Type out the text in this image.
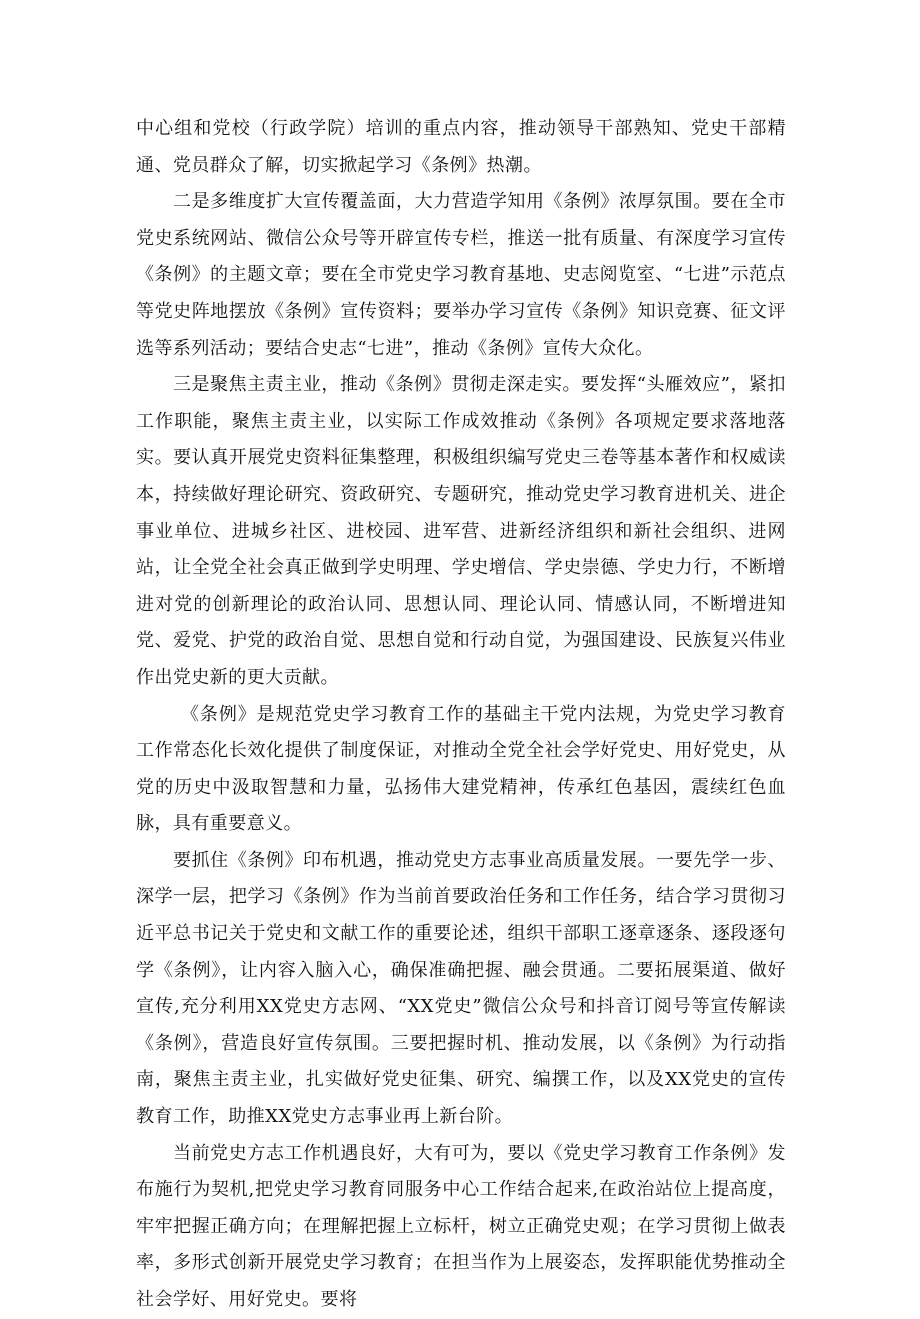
中心组和党校（行政学院）培训的重点内容，推动领导干部熟知、党史干部精通、党员群众了解，切实掀起学习《条例》热潮。

二是多维度扩大宣传覆盖面，大力营造学知用《条例》浓厚氛围。要在全市党史系统网站、微信公众号等开辟宣传专栏，推送一批有质量、有深度学习宣传《条例》的主题文章；要在全市党史学习教育基地、史志阅览室、“七进”示范点等党史阵地摆放《条例》宣传资料；要举办学习宣传《条例》知识竞赛、征文评选等系列活动；要结合史志“七进”，推动《条例》宣传大众化。

三是聚焦主责主业，推动《条例》贯彻走深走实。要发挥“头雁效应”，紧扣工作职能，聚焦主责主业，以实际工作成效推动《条例》各项规定要求落地落实。要认真开展党史资料征集整理，积极组织编写党史三卷等基本著作和权威读本，持续做好理论研究、资政研究、专题研究，推动党史学习教育进机关、进企事业单位、进城乡社区、进校园、进军营、进新经济组织和新社会组织、进网站，让全党全社会真正做到学史明理、学史增信、学史崇德、学史力行，不断增进对党的创新理论的政治认同、思想认同、理论认同、情感认同，不断增进知党、爱党、护党的政治自觉、思想自觉和行动自觉，为强国建设、民族复兴伟业作出党史新的更大贡献。

《条例》是规范党史学习教育工作的基础主干党内法规，为党史学习教育工作常态化长效化提供了制度保证，对推动全党全社会学好党史、用好党史，从党的历史中汲取智慧和力量，弘扬伟大建党精神，传承红色基因，震续红色血脉，具有重要意义。

要抓住《条例》印布机遇，推动党史方志事业高质量发展。一要先学一步、深学一层，把学习《条例》作为当前首要政治任务和工作任务，结合学习贯彻习近平总书记关于党史和文献工作的重要论述，组织干部职工逐章逐条、逐段逐句学《条例》，让内容入脑入心，确保准确把握、融会贯通。二要拓展渠道、做好宣传,充分利用XX党史方志网、“XX党史”微信公众号和抖音订阅号等宣传解读《条例》，营造良好宣传氛围。三要把握时机、推动发展，以《条例》为行动指南，聚焦主责主业，扎实做好党史征集、研究、编撰工作，以及XX党史的宣传教育工作，助推XX党史方志事业再上新台阶。

当前党史方志工作机遇良好，大有可为，要以《党史学习教育工作条例》发布施行为契机,把党史学习教育同服务中心工作结合起来,在政治站位上提高度，牢牢把握正确方向；在理解把握上立标杆，树立正确党史观；在学习贯彻上做表率，多形式创新开展党史学习教育；在担当作为上展姿态，发挥职能优势推动全社会学好、用好党史。要将
